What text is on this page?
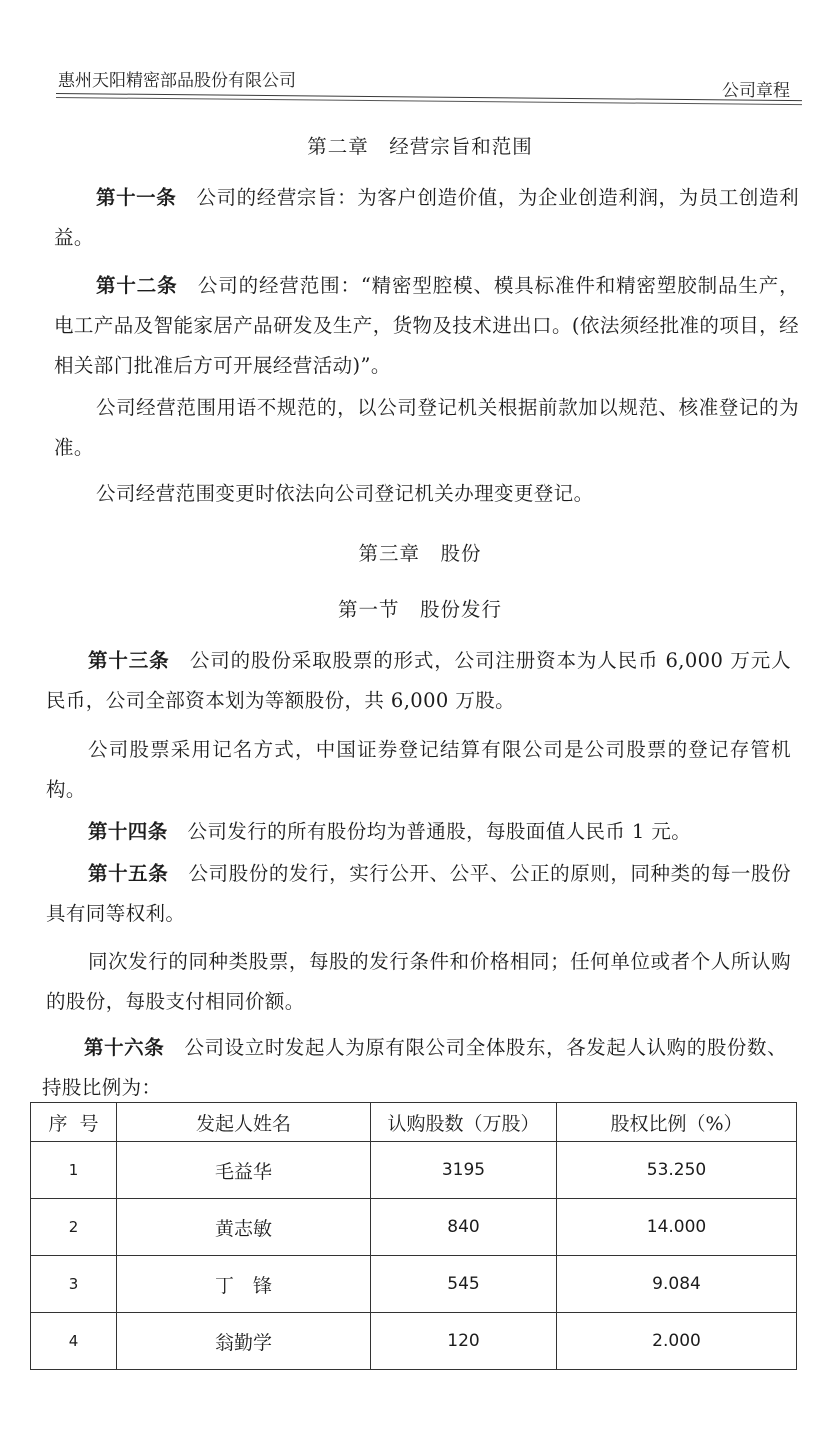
惠州天阳精密部品股份有限公司	公司章程
第二章　经营宗旨和范围
第十一条　公司的经营宗旨：为客户创造价值，为企业创造利润，为员工创造利益。
第十二条　公司的经营范围：“精密型腔模、模具标准件和精密塑胶制品生产，电工产品及智能家居产品研发及生产，货物及技术进出口。(依法须经批准的项目，经相关部门批准后方可开展经营活动)”。
公司经营范围用语不规范的，以公司登记机关根据前款加以规范、核准登记的为准。
公司经营范围变更时依法向公司登记机关办理变更登记。
第三章　股份
第一节　股份发行
第十三条　公司的股份采取股票的形式，公司注册资本为人民币 6,000 万元人民币，公司全部资本划为等额股份，共 6,000 万股。
公司股票采用记名方式，中国证券登记结算有限公司是公司股票的登记存管机构。
第十四条　公司发行的所有股份均为普通股，每股面值人民币 1 元。
第十五条　公司股份的发行，实行公开、公平、公正的原则，同种类的每一股份具有同等权利。
同次发行的同种类股票，每股的发行条件和价格相同；任何单位或者个人所认购的股份，每股支付相同价额。
第十六条　公司设立时发起人为原有限公司全体股东，各发起人认购的股份数、持股比例为：
序  号	发起人姓名	认购股数（万股）	股权比例（%）
1	毛益华	3195	53.250
2	黄志敏	840	14.000
3	丁　锋	545	9.084
4	翁勤学	120	2.000
